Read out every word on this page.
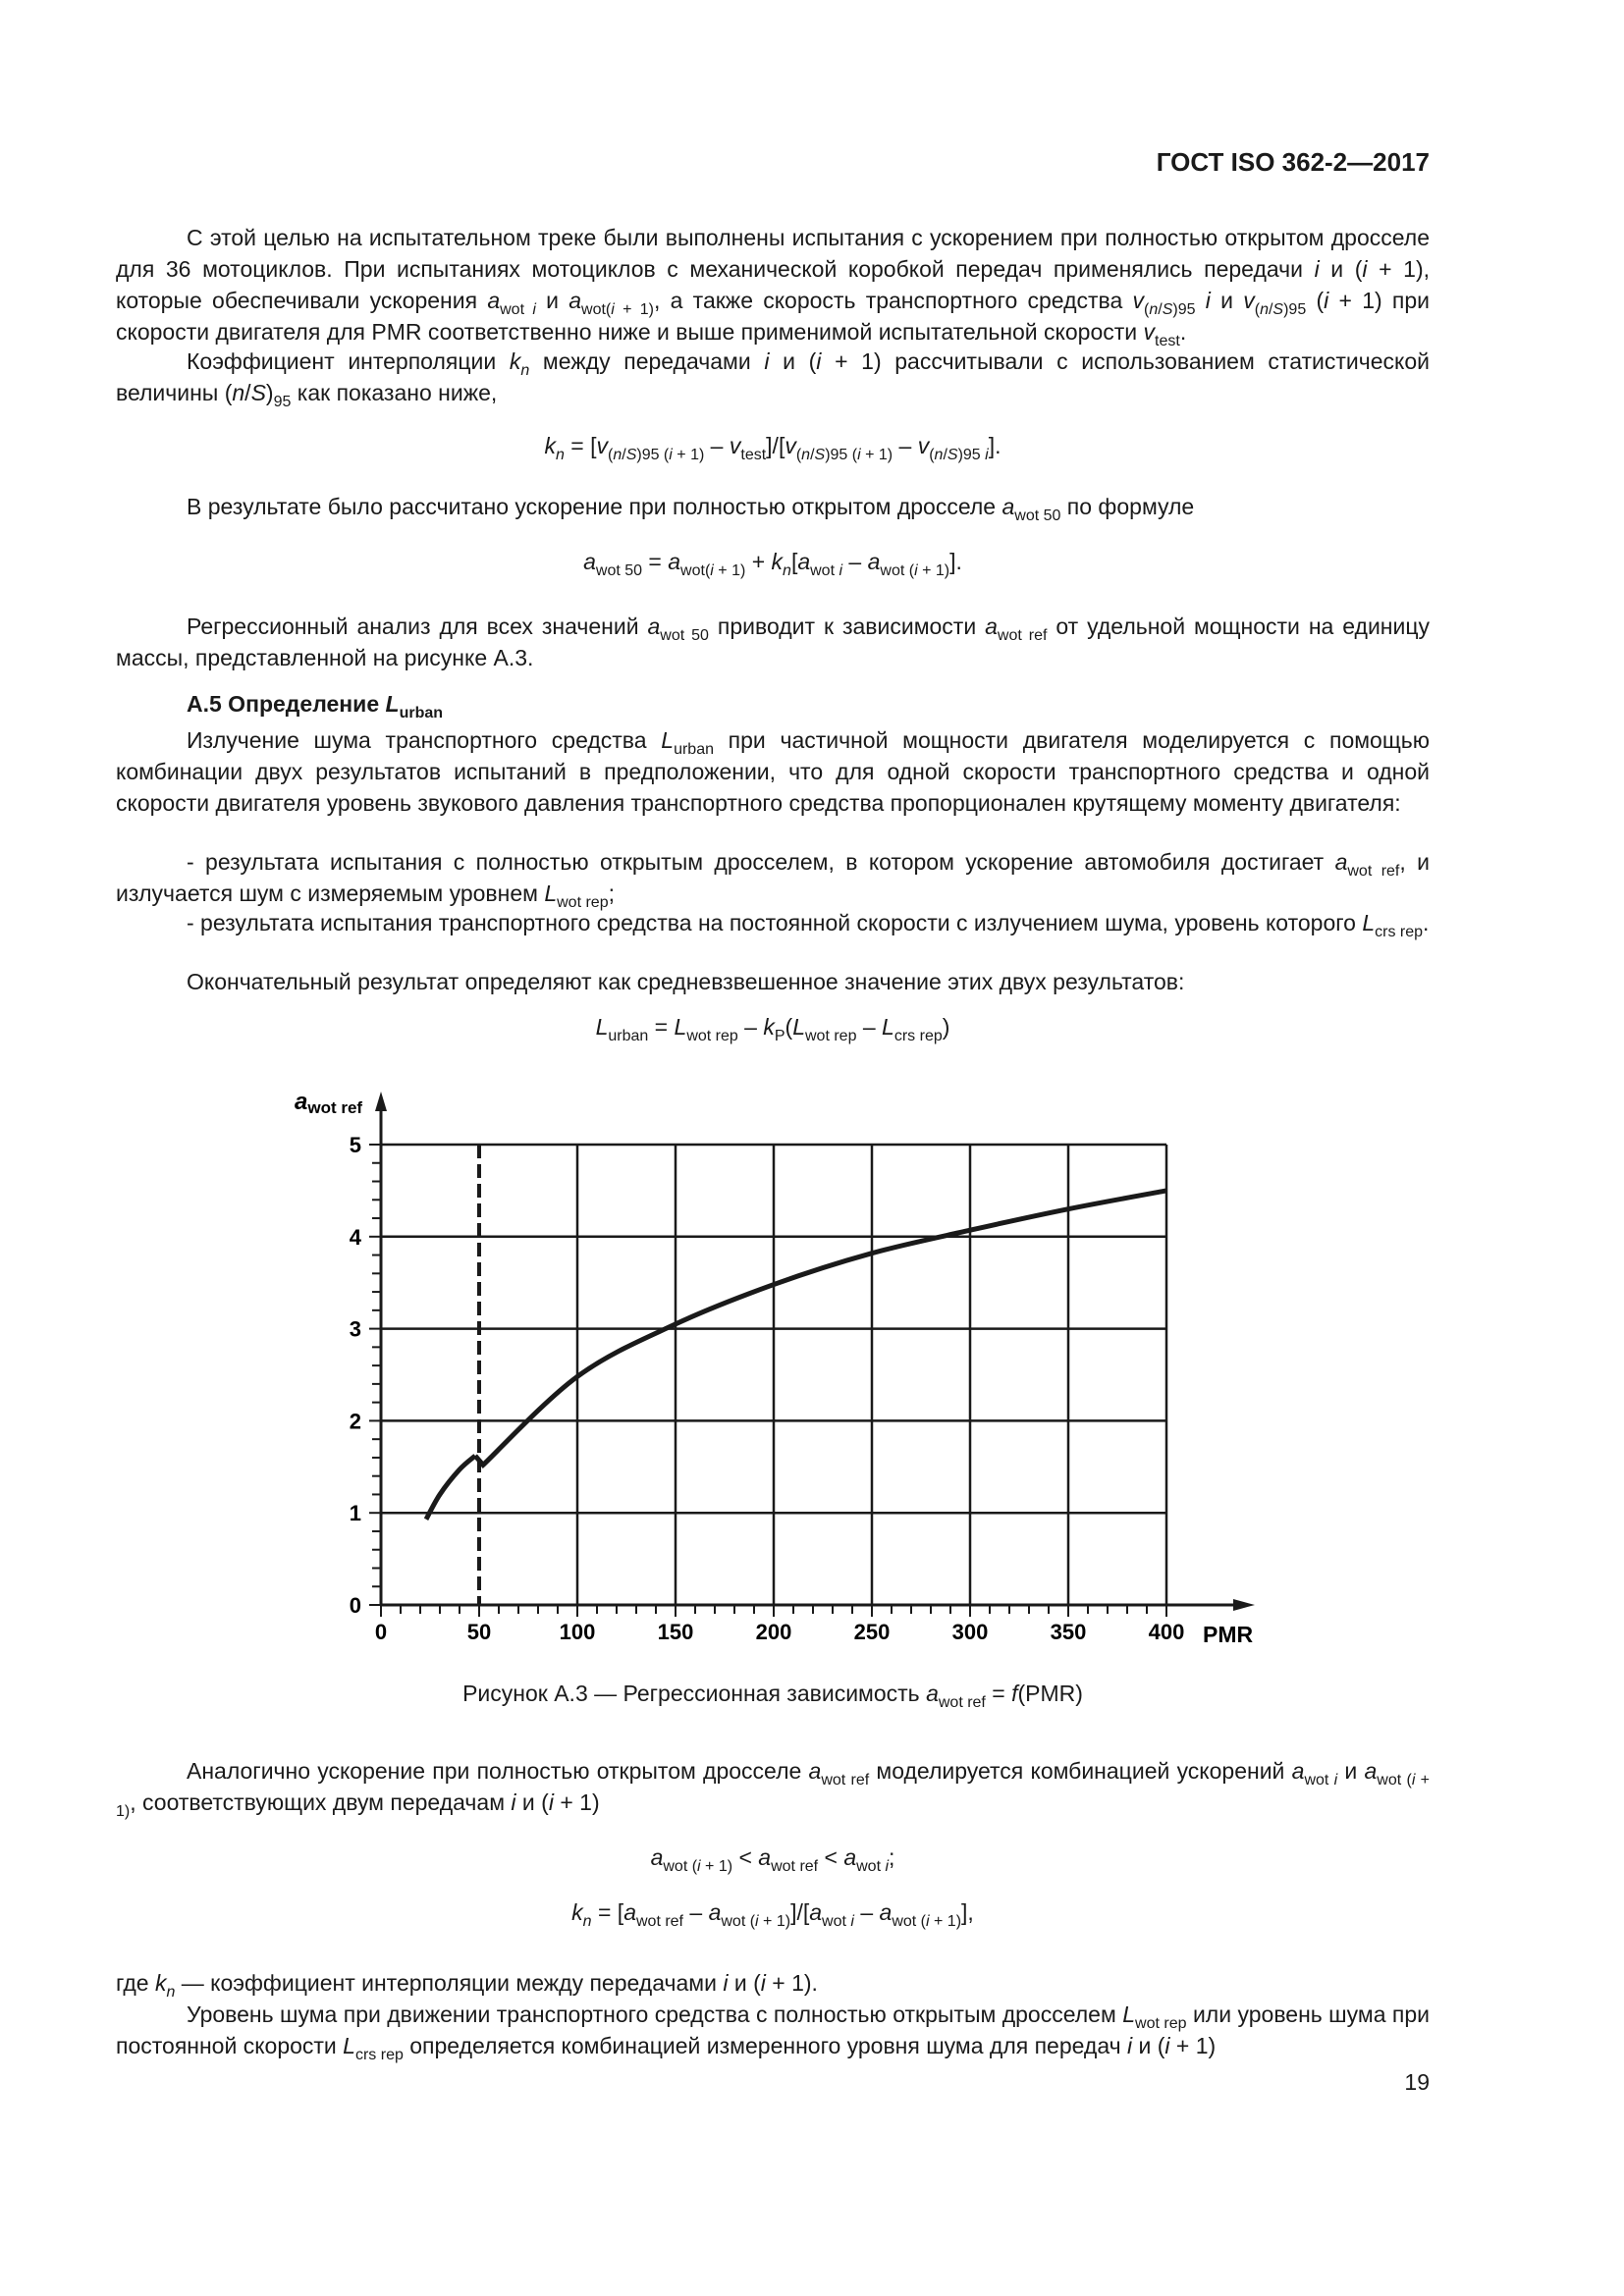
ГОСТ ISO 362-2—2017

С этой целью на испытательном треке были выполнены испытания с ускорением при полностью открытом дросселе для 36 мотоциклов. При испытаниях мотоциклов с механической коробкой передач применялись передачи i и (i + 1), которые обеспечивали ускорения $a_{wot i}$ и $a_{wot(i + 1)}$, а также скорость транспортного средства $v_{(n/S)95}$ i и $v_{(n/S)95}$ (i + 1) при скорости двигателя для PMR соответственно ниже и выше применимой испытательной скорости $v_{test}$.

Коэффициент интерполяции $k_n$ между передачами i и (i + 1) рассчитывали с использованием статистической величины $(n/S)_{95}$ как показано ниже,

$k_n = [v_{(n/S)95 (i + 1)} - v_{test}]/[v_{(n/S)95 (i + 1)} - v_{(n/S)95 i}]$.

В результате было рассчитано ускорение при полностью открытом дросселе $a_{wot 50}$ по формуле

$a_{wot 50} = a_{wot(i + 1)} + k_n[a_{wot i} - a_{wot (i + 1)}]$.

Регрессионный анализ для всех значений $a_{wot 50}$ приводит к зависимости $a_{wot ref}$ от удельной мощности на единицу массы, представленной на рисунке А.3.

А.5 Определение $L_{urban}$

Излучение шума транспортного средства $L_{urban}$ при частичной мощности двигателя моделируется с помощью комбинации двух результатов испытаний в предположении, что для одной скорости транспортного средства и одной скорости двигателя уровень звукового давления транспортного средства пропорционален крутящему моменту двигателя:

- результата испытания с полностью открытым дросселем, в котором ускорение автомобиля достигает $a_{wot ref}$, и излучается шум с измеряемым уровнем $L_{wot rep}$;

- результата испытания транспортного средства на постоянной скорости с излучением шума, уровень которого $L_{crs rep}$.

Окончательный результат определяют как средневзвешенное значение этих двух результатов:

$L_{urban} = L_{wot rep} - k_P(L_{wot rep} - L_{crs rep})$
0	50	100	150	200	250	300	350	400
0
1
2
3
4
5
awot ref
PMR
Рисунок А.3 — Регрессионная зависимость $a_{wot ref} = f(PMR)$

Аналогично ускорение при полностью открытом дросселе $a_{wot ref}$ моделируется комбинацией ускорений $a_{wot i}$ и $a_{wot (i + 1)}$, соответствующих двум передачам i и (i + 1)

$a_{wot (i + 1)} < a_{wot ref} < a_{wot i}$;
$k_n = [a_{wot ref} - a_{wot (i + 1)}]/[a_{wot i} - a_{wot (i + 1)}]$,

где $k_n$ — коэффициент интерполяции между передачами i и (i + 1).

Уровень шума при движении транспортного средства с полностью открытым дросселем $L_{wot rep}$ или уровень шума при постоянной скорости $L_{crs rep}$ определяется комбинацией измеренного уровня шума для передач i и (i + 1)

19
